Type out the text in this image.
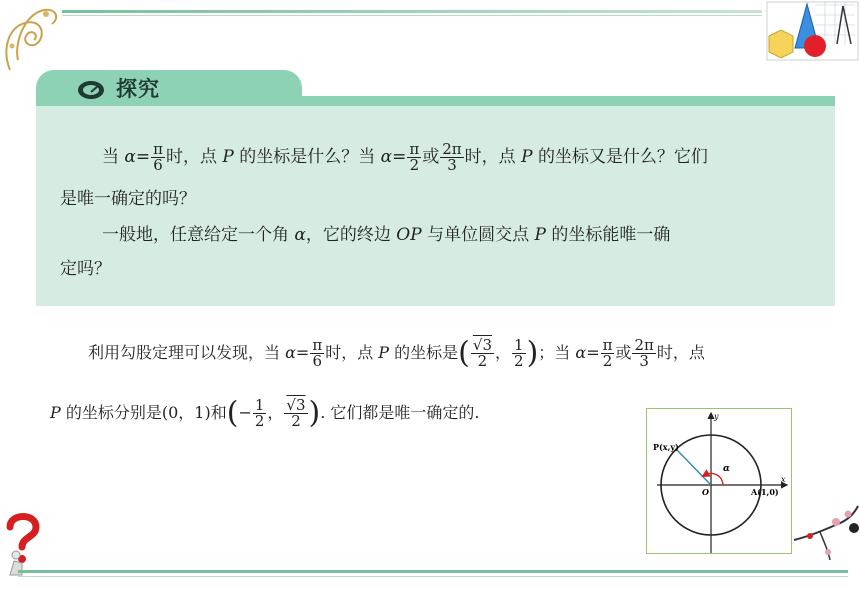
探究
当 $\alpha= \frac{\pi}{6}$ 时，点 P 的坐标是什么？当 $\alpha= \frac{\pi}{2}$ 或 $\frac{2\pi}{3}$ 时，点 P 的坐标又是什么？它们
是唯一确定的吗？
一般地，任意给定一个角 α，它的终边 OP 与单位圆交点 P 的坐标能唯一确
定吗？
利用勾股定理可以发现，当 $\alpha= \frac{\pi}{6}$ 时，点 P 的坐标是( $\frac{√3}{2}$ ， $\frac{1}{2}$ )；当 $\alpha= \frac{\pi}{2}$ 或 $\frac{2\pi}{3}$ 时，点
P 的坐标分别是(0，1)和(− $\frac{1}{2}$ ， $\frac{√3}{2}$ ). 它们都是唯一确定的.
P(x,y)
α
O	A(1,0)
x
y
